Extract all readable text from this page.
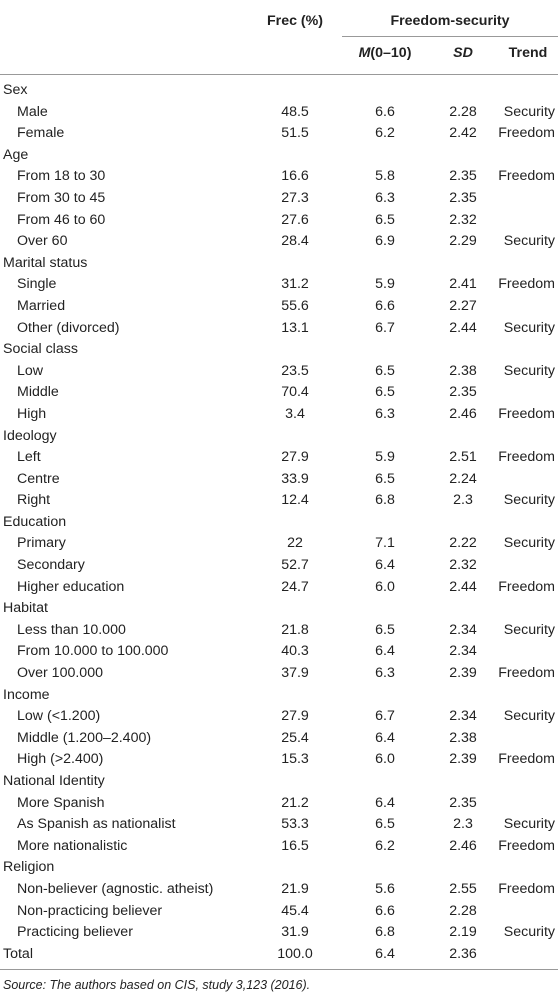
Frec (%)	Freedom-security
M (0–10)	SD	Trend
Sex
Male	48.5	6.6	2.28	Security
Female	51.5	6.2	2.42	Freedom
Age
From 18 to 30	16.6	5.8	2.35	Freedom
From 30 to 45	27.3	6.3	2.35
From 46 to 60	27.6	6.5	2.32
Over 60	28.4	6.9	2.29	Security
Marital status
Single	31.2	5.9	2.41	Freedom
Married	55.6	6.6	2.27
Other (divorced)	13.1	6.7	2.44	Security
Social class
Low	23.5	6.5	2.38	Security
Middle	70.4	6.5	2.35
High	3.4	6.3	2.46	Freedom
Ideology
Left	27.9	5.9	2.51	Freedom
Centre	33.9	6.5	2.24
Right	12.4	6.8	2.3	Security
Education
Primary	22	7.1	2.22	Security
Secondary	52.7	6.4	2.32
Higher education	24.7	6.0	2.44	Freedom
Habitat
Less than 10.000	21.8	6.5	2.34	Security
From 10.000 to 100.000	40.3	6.4	2.34
Over 100.000	37.9	6.3	2.39	Freedom
Income
Low (<1.200)	27.9	6.7	2.34	Security
Middle (1.200–2.400)	25.4	6.4	2.38
High (>2.400)	15.3	6.0	2.39	Freedom
National Identity
More Spanish	21.2	6.4	2.35
As Spanish as nationalist	53.3	6.5	2.3	Security
More nationalistic	16.5	6.2	2.46	Freedom
Religion
Non-believer (agnostic. atheist)	21.9	5.6	2.55	Freedom
Non-practicing believer	45.4	6.6	2.28
Practicing believer	31.9	6.8	2.19	Security
Total	100.0	6.4	2.36
Source: The authors based on CIS, study 3,123 (2016).
